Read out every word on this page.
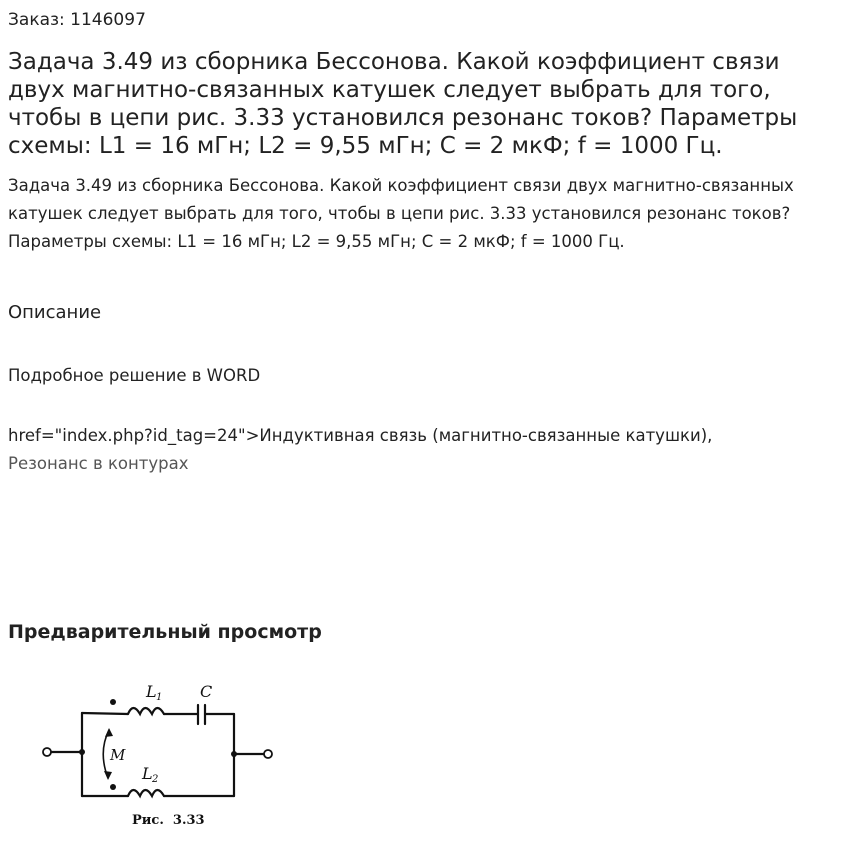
Заказ: 1146097
Задача 3.49 из сборника Бессонова. Какой коэффициент связи двух магнитно-связанных катушек следует выбрать для того, чтобы в цепи рис. 3.33 установился резонанс токов? Параметры схемы: L1 = 16 мГн; L2 = 9,55 мГн; C = 2 мкФ; f = 1000 Гц.

Задача 3.49 из сборника Бессонова. Какой коэффициент связи двух магнитно-связанных катушек следует выбрать для того, чтобы в цепи рис. 3.33 установился резонанс токов? Параметры схемы: L1 = 16 мГн; L2 = 9,55 мГн; C = 2 мкФ; f = 1000 Гц.

Описание
Подробное решение в WORD
href="index.php?id_tag=24">Индуктивная связь (магнитно-связанные катушки),
Резонанс в контурах
Предварительный просмотр
L 1 C
L 2
M
Рис.  3.33
